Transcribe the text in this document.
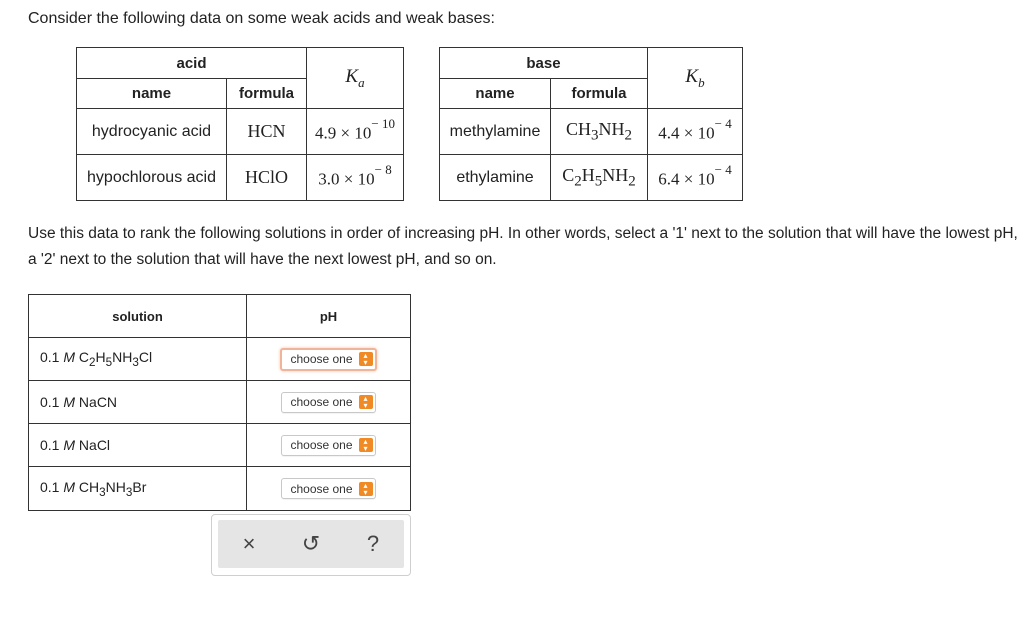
Consider the following data on some weak acids and weak bases:
acid		$K_a$
name	formula	
hydrocyanic acid	HCN	$4.9 \times 10^{- 10}$
hypochlorous acid	HClO	$3.0 \times 10^{- 8}$
base		$K_b$
name	formula	
methylamine	$CH_3NH_2$	$4.4 \times 10^{- 4}$
ethylamine	$C_2H_5NH_2$	$6.4 \times 10^{- 4}$
Use this data to rank the following solutions in order of increasing pH. In other words, select a '1' next to the solution that will have the lowest pH, a '2' next to the solution that will have the next lowest pH, and so on.
solution	pH
0.1 M $C_2H_5NH_3Cl$	choose one ▴
▾

0.1 M NaCN	choose one ▴
▾

0.1 M NaCl	choose one ▴
▾

0.1 M $CH_3NH_3Br$	choose one ▴
▾
×	↺	?
